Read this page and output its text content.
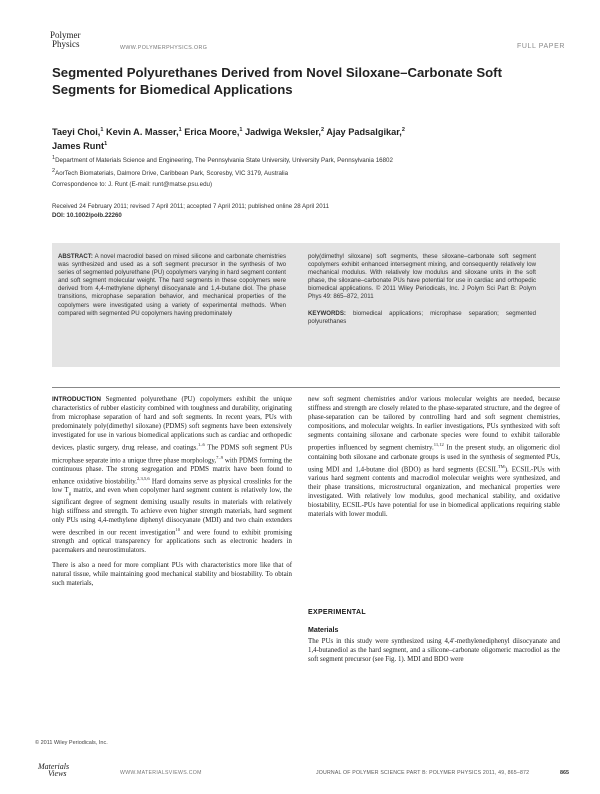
Polymer
Physics	WWW.POLYMERPHYSICS.ORG	FULL PAPER
Segmented Polyurethanes Derived from Novel Siloxane–Carbonate Soft Segments for Biomedical Applications
Taeyi Choi,$^1$ Kevin A. Masser,$^1$ Erica Moore,$^1$ Jadwiga Weksler,$^2$ Ajay Padsalgikar,$^2$
James Runt$^1$
$^1$Department of Materials Science and Engineering, The Pennsylvania State University, University Park, Pennsylvania 16802
$^2$AorTech Biomaterials, Dalmore Drive, Caribbean Park, Scoresby, VIC 3179, Australia
Correspondence to: J. Runt (E-mail: runt@matse.psu.edu)
Received 24 February 2011; revised 7 April 2011; accepted 7 April 2011; published online 28 April 2011
DOI: 10.1002/polb.22260
ABSTRACT: A novel macrodiol based on mixed silicone and carbonate chemistries was synthesized and used as a soft segment precursor in the synthesis of two series of segmented polyurethane (PU) copolymers varying in hard segment content and soft segment molecular weight. The hard segments in these copolymers were derived from 4,4-methylene diphenyl diisocyanate and 1,4-butane diol. The phase transitions, microphase separation behavior, and mechanical properties of the copolymers were investigated using a variety of experimental methods. When compared with segmented PU copolymers having predominately
poly(dimethyl siloxane) soft segments, these siloxane–carbonate soft segment copolymers exhibit enhanced intersegment mixing, and consequently relatively low mechanical modulus. With relatively low modulus and siloxane units in the soft phase, the siloxane–carbonate PUs have potential for use in cardiac and orthopedic biomedical applications. © 2011 Wiley Periodicals, Inc. J Polym Sci Part B: Polym Phys 49: 865–872, 2011
KEYWORDS: biomedical applications; microphase separation; segmented polyurethanes
INTRODUCTION Segmented polyurethane (PU) copolymers exhibit the unique characteristics of rubber elasticity combined with toughness and durability, originating from microphase separation of hard and soft segments. In recent years, PUs with predominately poly(dimethyl siloxane) (PDMS) soft segments have been extensively investigated for use in various biomedical applications such as cardiac and orthopedic devices, plastic surgery, drug release, and coatings.$^{1-6}$ The PDMS soft segment PUs microphase separate into a unique three phase morphology,$^{7-9}$ with PDMS forming the continuous phase. The strong segregation and PDMS matrix have been found to enhance oxidative biostability.$^{2,3,5,6}$ Hard domains serve as physical crosslinks for the low $T_g$ matrix, and even when copolymer hard segment content is relatively low, the significant degree of segment demixing usually results in materials with relatively high stiffness and strength. To achieve even higher strength materials, hard segment only PUs using 4,4-methylene diphenyl diisocyanate (MDI) and two chain extenders were described in our recent investigation$^{10}$ and were found to exhibit promising strength and optical transparency for applications such as electronic headers in pacemakers and neurostimulators.
There is also a need for more compliant PUs with characteristics more like that of natural tissue, while maintaining good mechanical stability and biostability. To obtain such materials,
new soft segment chemistries and/or various molecular weights are needed, because stiffness and strength are closely related to the phase-separated structure, and the degree of phase-separation can be tailored by controlling hard and soft segment chemistries, compositions, and molecular weights. In earlier investigations, PUs synthesized with soft segments containing siloxane and carbonate species were found to exhibit tailorable properties influenced by segment chemistry.$^{11,12}$ In the present study, an oligomeric diol containing both siloxane and carbonate groups is used in the synthesis of segmented PUs, using MDI and 1,4-butane diol (BDO) as hard segments (ECSIL™). ECSIL-PUs with various hard segment contents and macrodiol molecular weights were synthesized, and their phase transitions, microstructural organization, and mechanical properties were investigated. With relatively low modulus, good mechanical stability, and oxidative biostability, ECSIL-PUs have potential for use in biomedical applications requiring stable materials with lower moduli.
EXPERIMENTAL
Materials
The PUs in this study were synthesized using 4,4′-methylenediphenyl diisocyanate and 1,4-butanediol as the hard segment, and a silicone–carbonate oligomeric macrodiol as the soft segment precursor (see Fig. 1). MDI and BDO were
© 2011 Wiley Periodicals, Inc.
Materials
Views	WWW.MATERIALSVIEWS.COM	JOURNAL OF POLYMER SCIENCE PART B: POLYMER PHYSICS 2011, 49, 865–872	865
